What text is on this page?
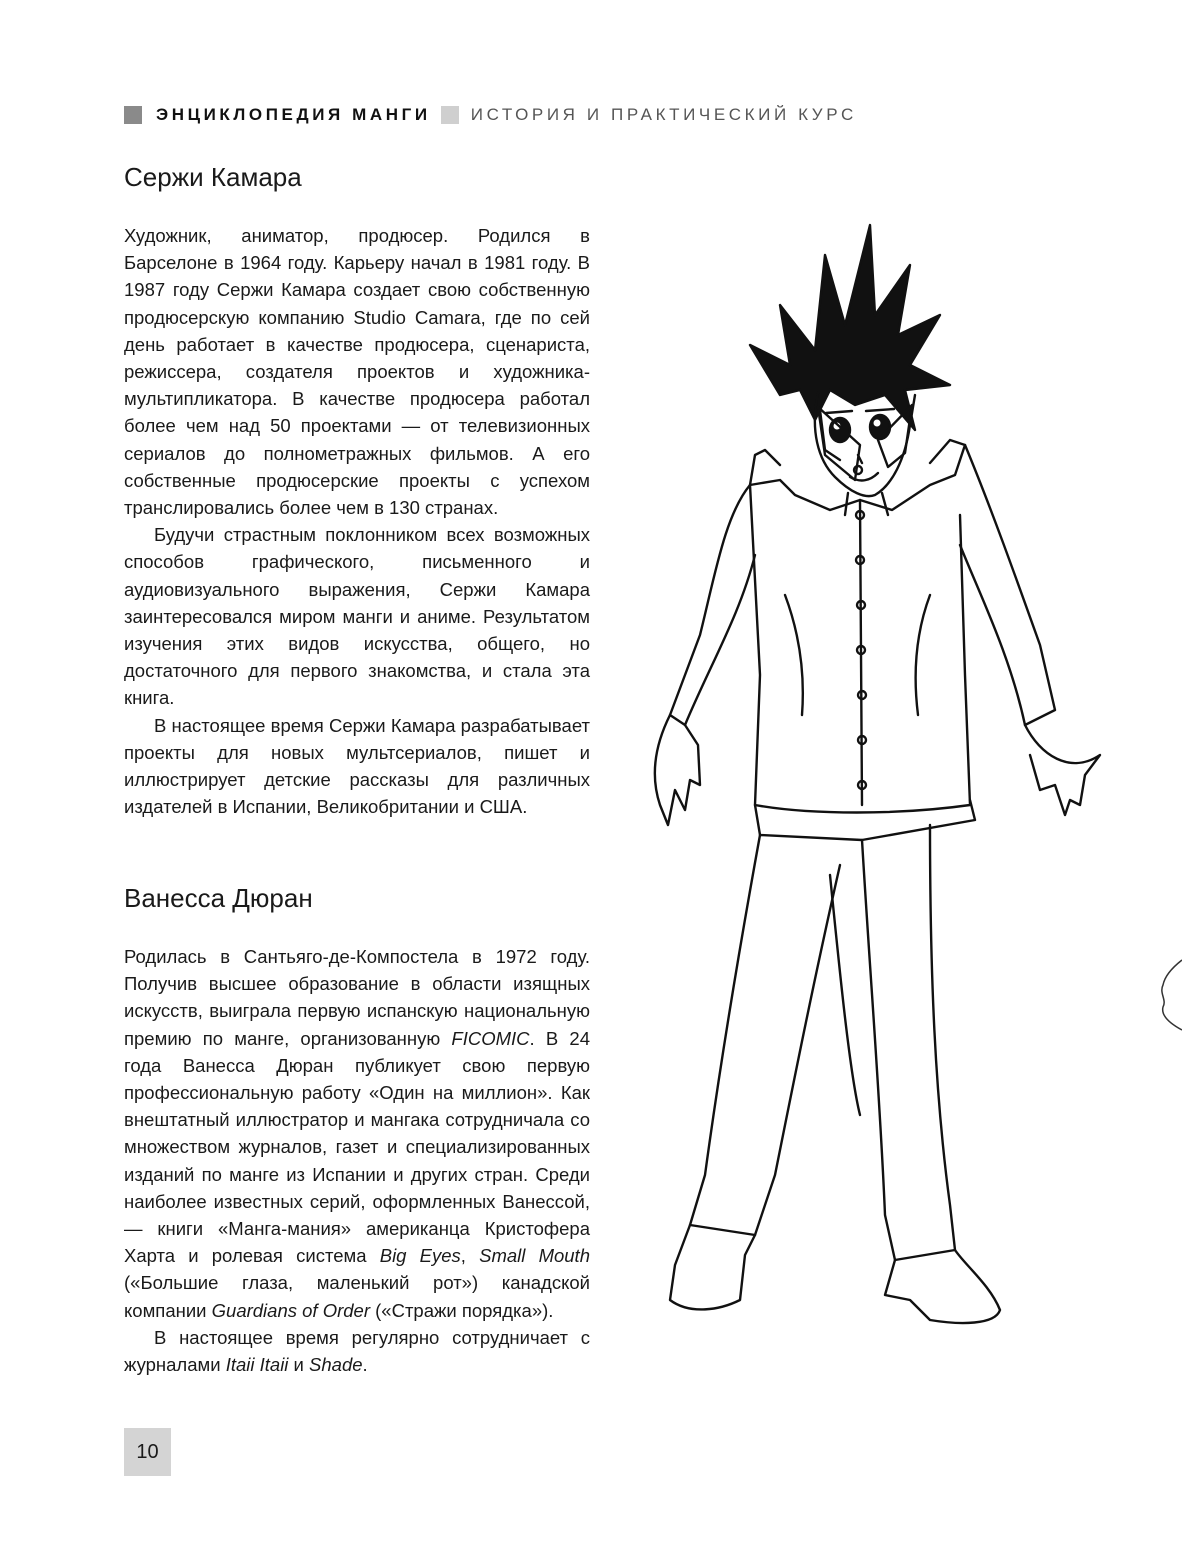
ЭНЦИКЛОПЕДИЯ МАНГИ ИСТОРИЯ И ПРАКТИЧЕСКИЙ КУРС
Сержи Камара

Художник, аниматор, продюсер. Родился в Барселоне в 1964 году. Карьеру начал в 1981 году. В 1987 году Сержи Камара создает свою собственную продюсерскую компанию Studio Camara, где по сей день работает в качестве продюсера, сценариста, режиссера, создателя проектов и художника-мультипликатора. В качестве продюсера работал более чем над 50 проектами — от телевизионных сериалов до полнометражных фильмов. А его собственные продюсерские проекты с успехом транслировались более чем в 130 странах.

Будучи страстным поклонником всех возможных способов графического, письменного и аудиовизуального выражения, Сержи Камара заинтересовался миром манги и аниме. Результатом изучения этих видов искусства, общего, но достаточного для первого знакомства, и стала эта книга.

В настоящее время Сержи Камара разрабатывает проекты для новых мультсериалов, пишет и иллюстрирует детские рассказы для различных издателей в Испании, Великобритании и США.

Ванесса Дюран

Родилась в Сантьяго-де-Компостела в 1972 году. Получив высшее образование в области изящных искусств, выиграла первую испанскую национальную премию по манге, организованную FICOMIC. В 24 года Ванесса Дюран публикует свою первую профессиональную работу «Один на миллион». Как внештатный иллюстратор и мангака сотрудничала со множеством журналов, газет и специализированных изданий по манге из Испании и других стран. Среди наиболее известных серий, оформленных Ванессой, — книги «Манга-мания» американца Кристофера Харта и ролевая система Big Eyes, Small Mouth («Большие глаза, маленький рот») канадской компании Guardians of Order («Стражи порядка»).

В настоящее время регулярно сотрудничает с журналами Itaii Itaii и Shade.

10
